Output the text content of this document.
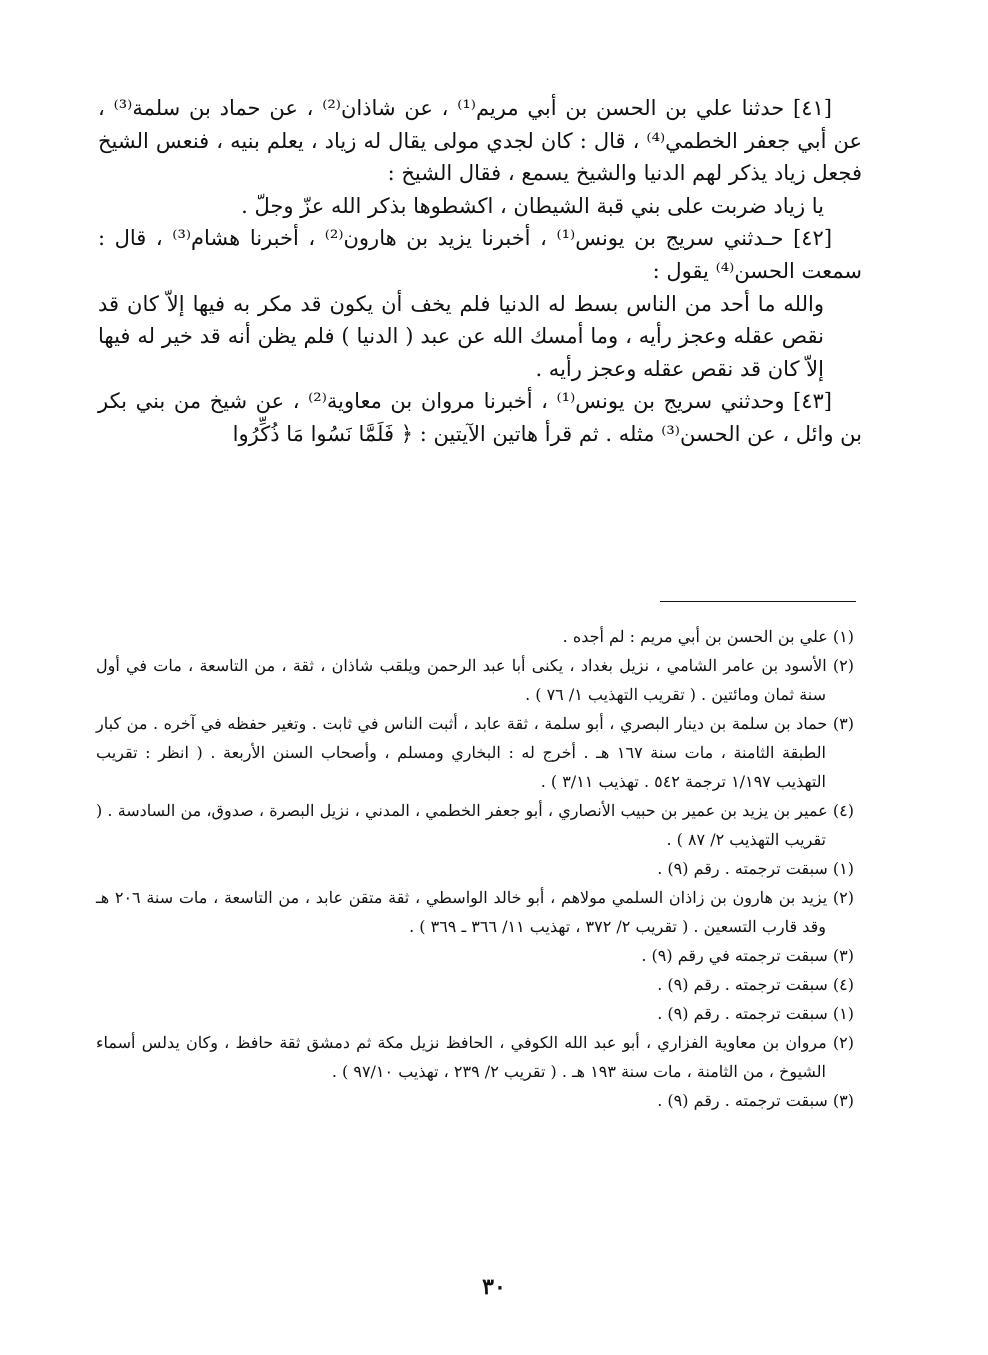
[٤١] حدثنا علي بن الحسن بن أبي مريم⁽¹⁾ ، عن شاذان⁽²⁾ ، عن حماد بن سلمة⁽³⁾ ، عن أبي جعفر الخطمي⁽⁴⁾ ، قال : كان لجدي مولى يقال له زياد ، يعلم بنيه ، فنعس الشيخ فجعل زياد يذكر لهم الدنيا والشيخ يسمع ، فقال الشيخ :

يا زياد ضربت على بني قبة الشيطان ، اكشطوها بذكر الله عزّ وجلّ .

[٤٢] حـدثني سريج بن يونس⁽¹⁾ ، أخبرنا يزيد بن هارون⁽²⁾ ، أخبرنا هشام⁽³⁾ ، قال : سمعت الحسن⁽⁴⁾ يقول :

والله ما أحد من الناس بسط له الدنيا فلم يخف أن يكون قد مكر به فيها إلاّ كان قد نقص عقله وعجز رأيه ، وما أمسك الله عن عبد ( الدنيا ) فلم يظن أنه قد خير له فيها إلاّ كان قد نقص عقله وعجز رأيه .

[٤٣] وحدثني سريج بن يونس⁽¹⁾ ، أخبرنا مروان بن معاوية⁽²⁾ ، عن شيخ من بني بكر بن وائل ، عن الحسن⁽³⁾ مثله . ثم قرأ هاتين الآيتين : ﴿ فَلَمَّا نَسُوا مَا ذُكِّرُوا

(١) علي بن الحسن بن أبي مريم : لم أجده .

(٢) الأسود بن عامر الشامي ، نزيل بغداد ، يكنى أبا عبد الرحمن ويلقب شاذان ، ثقة ، من التاسعة ، مات في أول سنة ثمان ومائتين . ( تقريب التهذيب ١/ ٧٦ ) .

(٣) حماد بن سلمة بن دينار البصري ، أبو سلمة ، ثقة عابد ، أثبت الناس في ثابت . وتغير حفظه في آخره . من كبار الطبقة الثامنة ، مات سنة ١٦٧ هـ . أخرج له : البخاري ومسلم ، وأصحاب السنن الأربعة . ( انظر : تقريب التهذيب ١/١٩٧ ترجمة ٥٤٢ . تهذيب ٣/١١ ) .

(٤) عمير بن يزيد بن عمير بن حبيب الأنصاري ، أبو جعفر الخطمي ، المدني ، نزيل البصرة ، صدوق، من السادسة . ( تقريب التهذيب ٢/ ٨٧ ) .

(١) سبقت ترجمته . رقم (٩) .

(٢) يزيد بن هارون بن زاذان السلمي مولاهم ، أبو خالد الواسطي ، ثقة متقن عابد ، من التاسعة ، مات سنة ٢٠٦ هـ وقد قارب التسعين . ( تقريب ٢/ ٣٧٢ ، تهذيب ١١/ ٣٦٦ ـ ٣٦٩ ) .

(٣) سبقت ترجمته في رقم (٩) .

(٤) سبقت ترجمته . رقم (٩) .

(١) سبقت ترجمته . رقم (٩) .

(٢) مروان بن معاوية الفزاري ، أبو عبد الله الكوفي ، الحافظ نزيل مكة ثم دمشق ثقة حافظ ، وكان يدلس أسماء الشيوخ ، من الثامنة ، مات سنة ١٩٣ هـ . ( تقريب ٢/ ٢٣٩ ، تهذيب ٩٧/١٠ ) .

(٣) سبقت ترجمته . رقم (٩) .

٣٠
